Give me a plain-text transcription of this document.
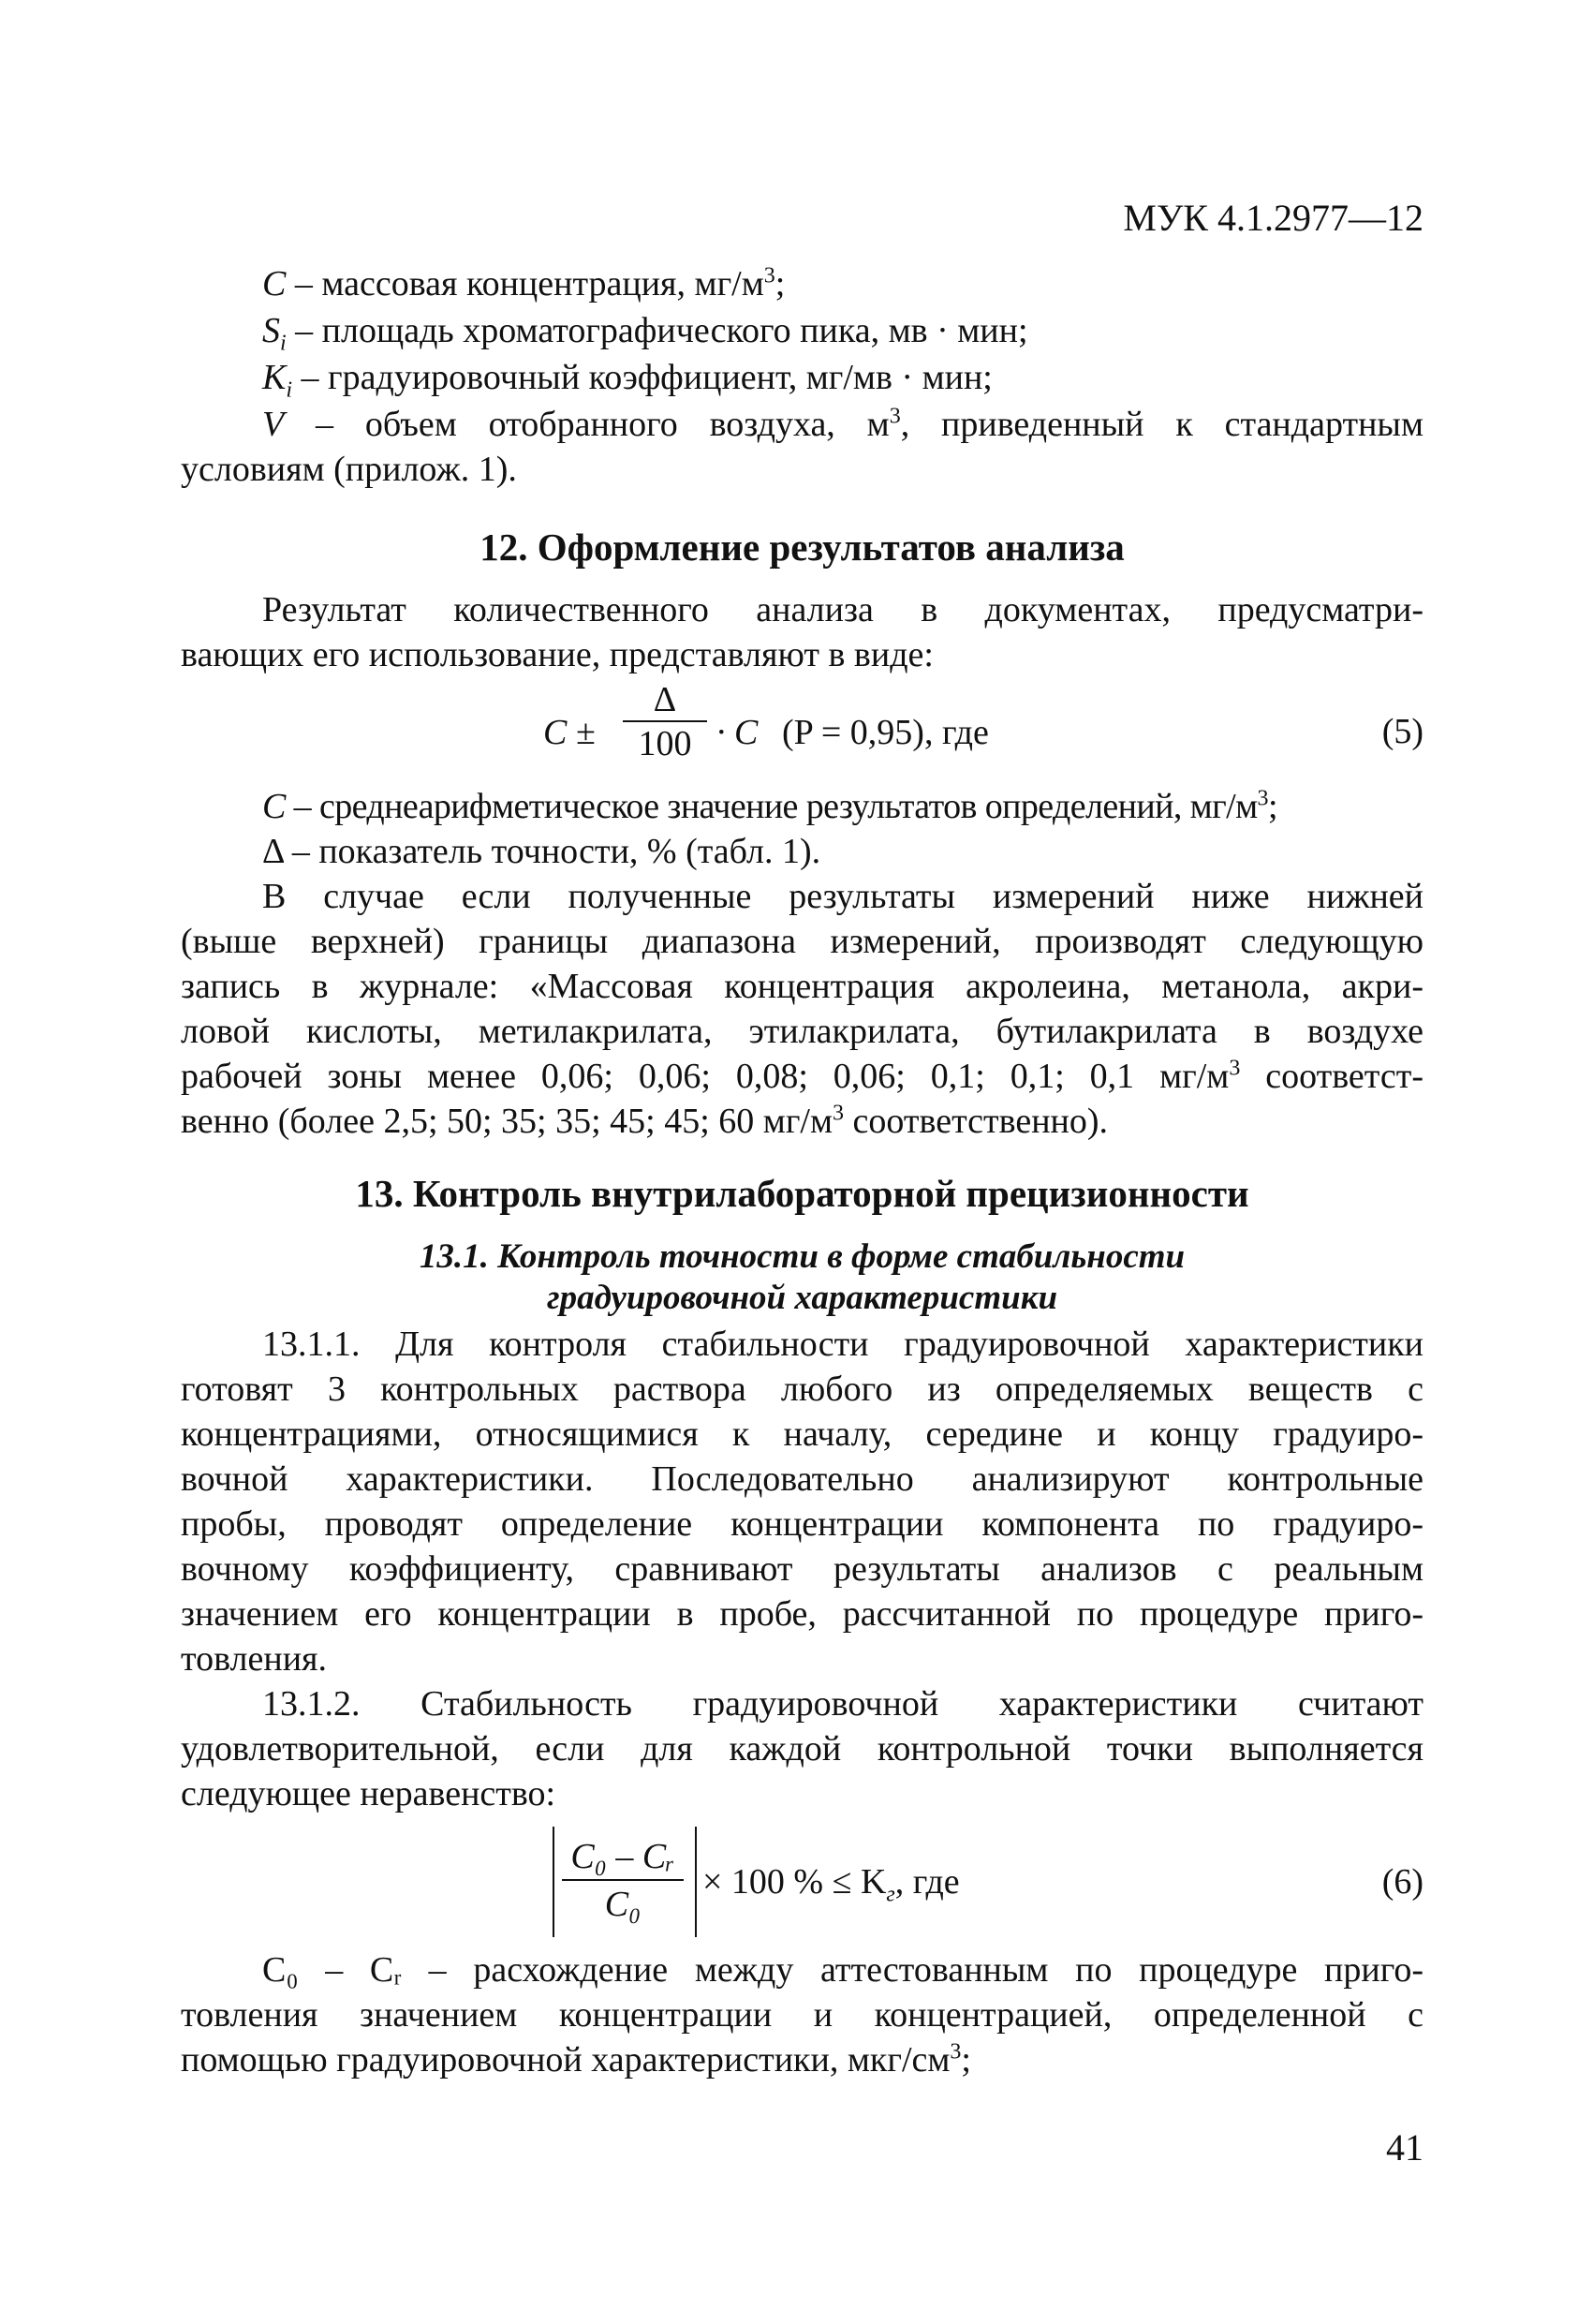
МУК 4.1.2977—12
C – массовая концентрация, $мг/м^3$;
$S_i$ – площадь хроматографического пика, мв · мин;
$K_i$ – градуировочный коэффициент, мг/мв · мин;
V – объем отобранного воздуха, $м^3$, приведенный к стандартным
условиям (прилож. 1).
12. Оформление результатов анализа
Результат количественного анализа в документах, предусматри-
вающих его использование, представляют в виде:
$C \pm \frac{\Delta}{100} \cdot C$ (P = 0,95), где	(5)
C – среднеарифметическое значение результатов определений, $мг/м^3$;
Δ – показатель точности, % (табл. 1).
В случае если полученные результаты измерений ниже нижней
(выше верхней) границы диапазона измерений, производят следующую
запись в журнале: «Массовая концентрация акролеина, метанола, акри-
ловой кислоты, метилакрилата, этилакрилата, бутилакрилата в воздухе
рабочей зоны менее 0,06; 0,06; 0,08; 0,06; 0,1; 0,1; 0,1 $мг/м^3$ соответст-
венно (более 2,5; 50; 35; 35; 45; 45; 60 $мг/м^3$ соответственно).
13. Контроль внутрилабораторной прецизионности
13.1. Контроль точности в форме стабильности
градуировочной характеристики
13.1.1. Для контроля стабильности градуировочной характеристики
готовят 3 контрольных раствора любого из определяемых веществ с
концентрациями, относящимися к началу, середине и концу градуиро-
вочной характеристики. Последовательно анализируют контрольные
пробы, проводят определение концентрации компонента по градуиро-
вочному коэффициенту, сравнивают результаты анализов с реальным
значением его концентрации в пробе, рассчитанной по процедуре приго-
товления.
13.1.2. Стабильность градуировочной характеристики считают
удовлетворительной, если для каждой контрольной точки выполняется
следующее неравенство:
$\frac{\text{C₀ – Cᵣ}}{\text{C₀}} \times 100$ % ≤ $K_г$, где	(6)
C₀ – Cᵣ – расхождение между аттестованным по процедуре приго-
товления значением концентрации и концентрацией, определенной с
помощью градуировочной характеристики, мкг/$см^3$;
41
